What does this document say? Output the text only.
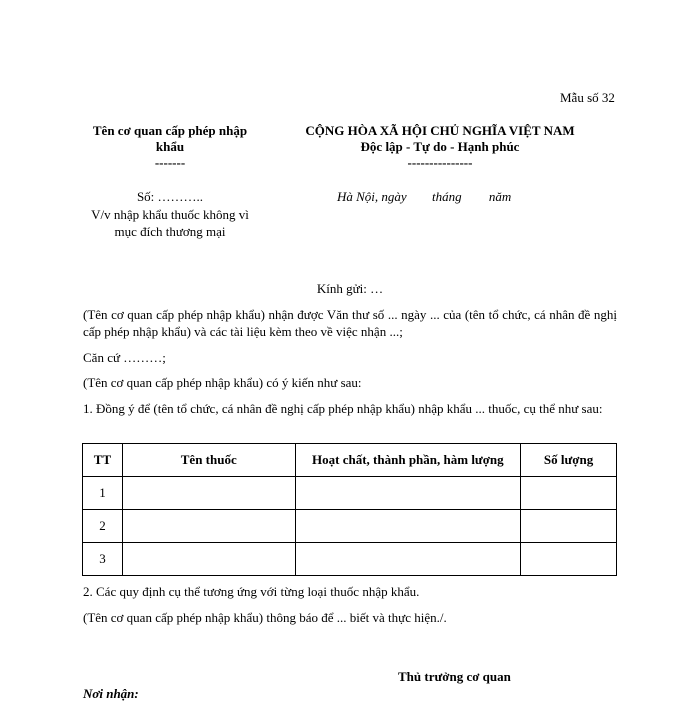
Mẫu số 32
Tên cơ quan cấp phép nhập
khẩu
-------
CỘNG HÒA XÃ HỘI CHỦ NGHĨA VIỆT NAM
Độc lập - Tự do - Hạnh phúc
---------------
Số: ………..
V/v nhập khẩu thuốc không vì
mục đích thương mại
Hà Nội, ngày tháng năm
Kính gửi: …
(Tên cơ quan cấp phép nhập khẩu) nhận được Văn thư số ... ngày ... của (tên tổ chức, cá nhân đề nghị cấp phép nhập khẩu) và các tài liệu kèm theo về việc nhận ...;
Căn cứ ………;
(Tên cơ quan cấp phép nhập khẩu) có ý kiến như sau:
1. Đồng ý để (tên tổ chức, cá nhân đề nghị cấp phép nhập khẩu) nhập khẩu ... thuốc, cụ thể như sau:
TT	Tên thuốc	Hoạt chất, thành phần, hàm lượng	Số lượng
1			
2			
3			
2. Các quy định cụ thể tương ứng với từng loại thuốc nhập khẩu.
(Tên cơ quan cấp phép nhập khẩu) thông báo để ... biết và thực hiện./.
Thủ trưởng cơ quan
Nơi nhận:
